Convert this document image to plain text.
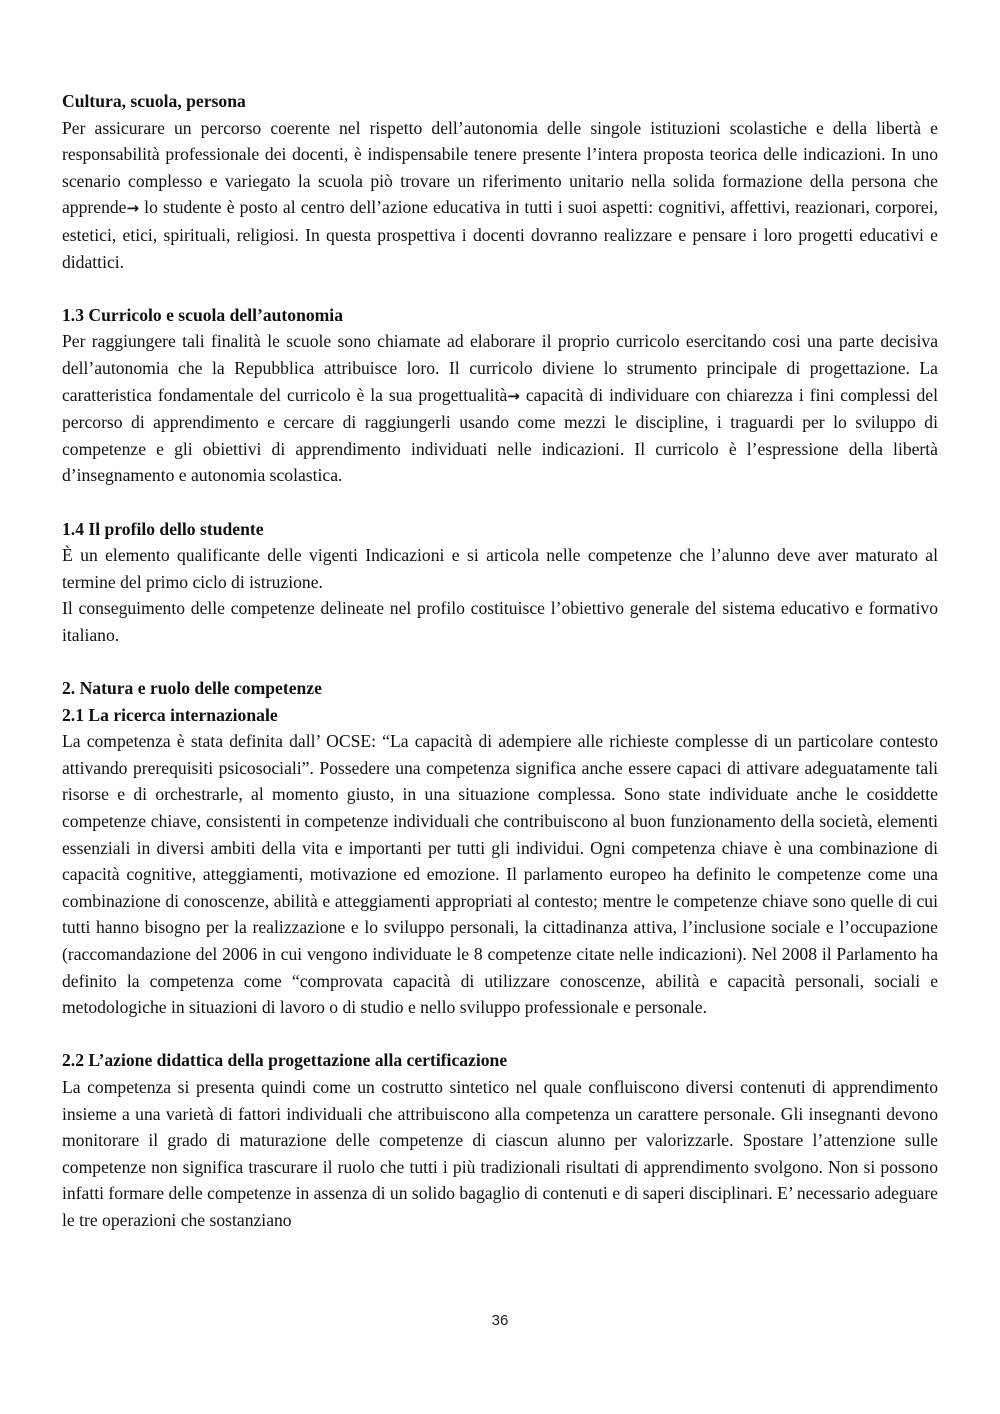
Cultura, scuola, persona

Per assicurare un percorso coerente nel rispetto dell’autonomia delle singole istituzioni scolastiche e della libertà e responsabilità professionale dei docenti, è indispensabile tenere presente l’intera proposta teorica delle indicazioni. In uno scenario complesso e variegato la scuola piò trovare un riferimento unitario nella solida formazione della persona che apprende→ lo studente è posto al centro dell’azione educativa in tutti i suoi aspetti: cognitivi, affettivi, reazionari, corporei, estetici, etici, spirituali, religiosi. In questa prospettiva i docenti dovranno realizzare e pensare i loro progetti educativi e didattici.

1.3 Curricolo e scuola dell’autonomia

Per raggiungere tali finalità le scuole sono chiamate ad elaborare il proprio curricolo esercitando cosi una parte decisiva dell’autonomia che la Repubblica attribuisce loro. Il curricolo diviene lo strumento principale di progettazione. La caratteristica fondamentale del curricolo è la sua progettualità→ capacità di individuare con chiarezza i fini complessi del percorso di apprendimento e cercare di raggiungerli usando come mezzi le discipline, i traguardi per lo sviluppo di competenze e gli obiettivi di apprendimento individuati nelle indicazioni. Il curricolo è l’espressione della libertà d’insegnamento e autonomia scolastica.

1.4 Il profilo dello studente

È un elemento qualificante delle vigenti Indicazioni e si articola nelle competenze che l’alunno deve aver maturato al termine del primo ciclo di istruzione.

Il conseguimento delle competenze delineate nel profilo costituisce l’obiettivo generale del sistema educativo e formativo italiano.

2. Natura e ruolo delle competenze
2.1 La ricerca internazionale

La competenza è stata definita dall’ OCSE: “La capacità di adempiere alle richieste complesse di un particolare contesto attivando prerequisiti psicosociali”. Possedere una competenza significa anche essere capaci di attivare adeguatamente tali risorse e di orchestrarle, al momento giusto, in una situazione complessa. Sono state individuate anche le cosiddette competenze chiave, consistenti in competenze individuali che contribuiscono al buon funzionamento della società, elementi essenziali in diversi ambiti della vita e importanti per tutti gli individui. Ogni competenza chiave è una combinazione di capacità cognitive, atteggiamenti, motivazione ed emozione. Il parlamento europeo ha definito le competenze come una combinazione di conoscenze, abilità e atteggiamenti appropriati al contesto; mentre le competenze chiave sono quelle di cui tutti hanno bisogno per la realizzazione e lo sviluppo personali, la cittadinanza attiva, l’inclusione sociale e l’occupazione (raccomandazione del 2006 in cui vengono individuate le 8 competenze citate nelle indicazioni). Nel 2008 il Parlamento ha definito la competenza come “comprovata capacità di utilizzare conoscenze, abilità e capacità personali, sociali e metodologiche in situazioni di lavoro o di studio e nello sviluppo professionale e personale.

2.2 L’azione didattica della progettazione alla certificazione

La competenza si presenta quindi come un costrutto sintetico nel quale confluiscono diversi contenuti di apprendimento insieme a una varietà di fattori individuali che attribuiscono alla competenza un carattere personale. Gli insegnanti devono monitorare il grado di maturazione delle competenze di ciascun alunno per valorizzarle. Spostare l’attenzione sulle competenze non significa trascurare il ruolo che tutti i più tradizionali risultati di apprendimento svolgono. Non si possono infatti formare delle competenze in assenza di un solido bagaglio di contenuti e di saperi disciplinari. E’ necessario adeguare le tre operazioni che sostanziano

36
